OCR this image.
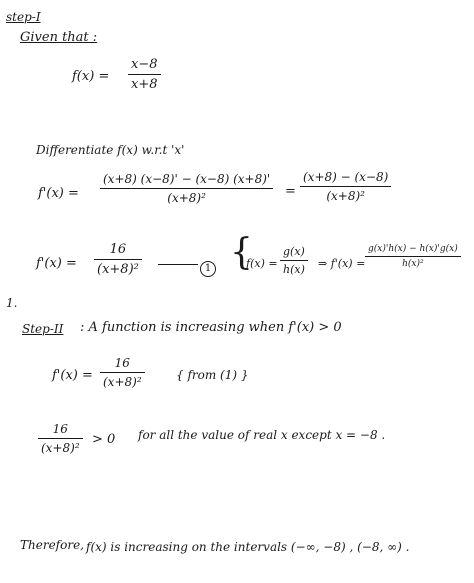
step-I
Given that :
f(x) =
x−8
x+8
Differentiate f(x) w.r.t 'x'
f'(x) =
(x+8) (x−8)' − (x−8) (x+8)'
(x+8)²	=
(x+8) − (x−8)
(x+8)²
f'(x) =
16
(x+8)²	1 {
f(x) =
g(x)
h(x) ⇒ f'(x) =
g(x)'h(x) − h(x)'g(x)
h(x)²
1.
Step-II : A function is increasing when f'(x) > 0
f'(x) =
16
(x+8)²	{ from (1) }
16
(x+8)²
> 0 for all the value of real x except x = −8 .
Therefore, f(x) is increasing on the intervals (−∞, −8) , (−8, ∞) .
